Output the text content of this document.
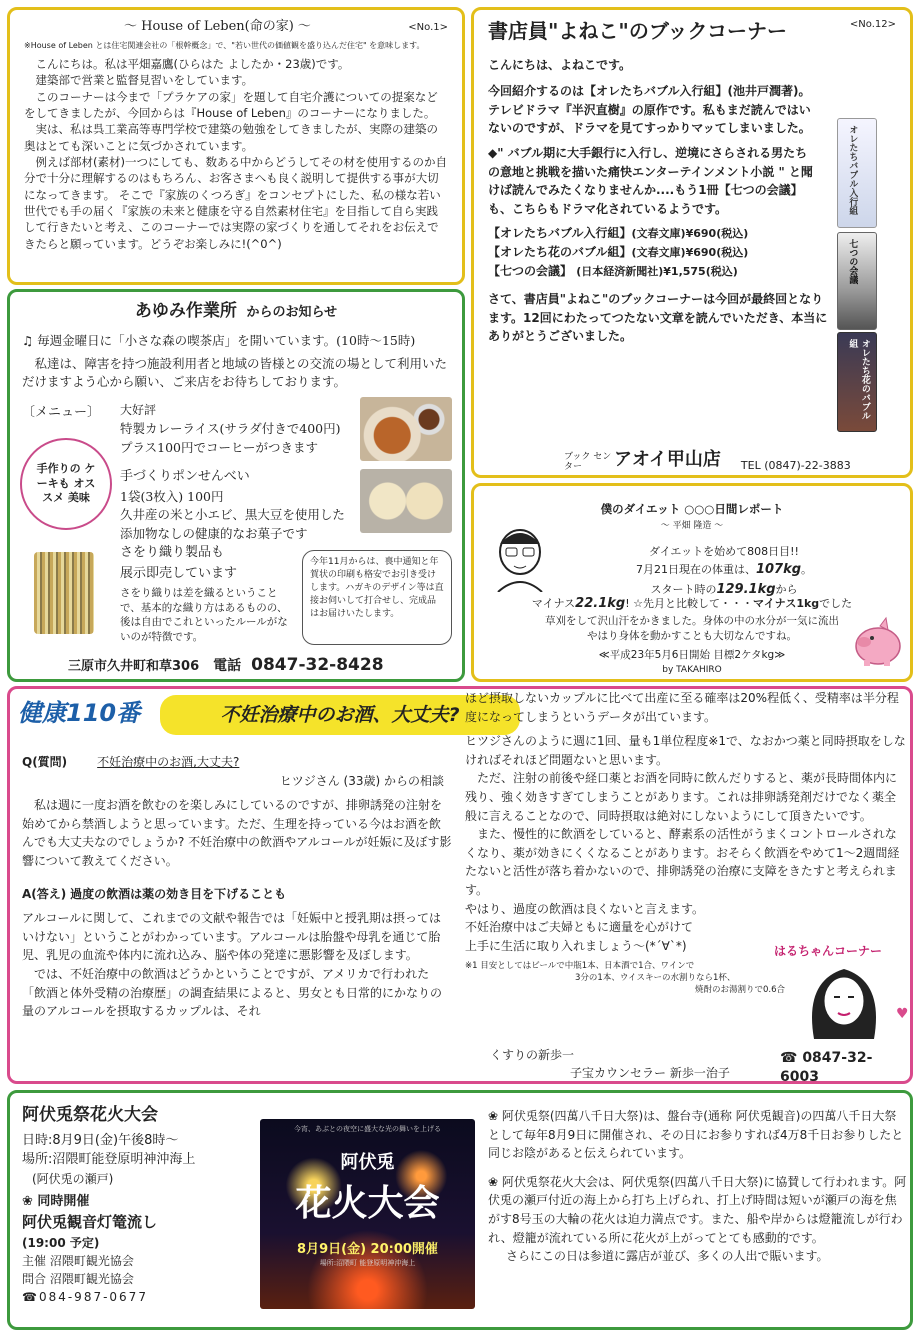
〜 House of Leben(命の家) 〜	<No.1>
※House of Leben とは住宅関連会社の「根幹概念」で、"若い世代の価値観を盛り込んだ住宅" を意味します。

こんにちは。私は平畑嘉鷹(ひらはた よしたか・23歳)です。

建築部で営業と監督見習いをしています。

このコーナーは今まで「プラケアの家」を題して自宅介護についての提案などをしてきましたが、今回からは『House of Leben』のコーナーになりました。

実は、私は呉工業高等専門学校で建築の勉強をしてきましたが、実際の建築の奥はとても深いことに気づかされています。

例えば部材(素材)一つにしても、数ある中からどうしてその材を使用するのか自分で十分に理解するのはもちろん、お客さまへも良く説明して提供する事が大切になってきます。 そこで『家族のくつろぎ』をコンセプトにした、私の様な若い世代でも手の届く『家族の未来と健康を守る自然素材住宅』を目指して自ら実践して行きたいと考え、このコーナーでは実際の家づくりを通してそれをお伝えできたらと願っています。どうぞお楽しみに!(^0^)

書店員"よねこ"のブックコーナー	<No.12>

こんにちは、よねこです。

今回紹介するのは【オレたちバブル入行組】(池井戸潤著)。テレビドラマ『半沢直樹』の原作です。私もまだ読んではいないのですが、ドラマを見てすっかりマッてしまいました。

◆" バブル期に大手銀行に入行し、逆境にさらされる男たちの意地と挑戦を描いた痛快エンターテインメント小説 " と聞けば読んでみたくなりませんか....もう1冊【七つの会議】も、こちらもドラマ化されているようです。

【オレたちバブル入行組】(文春文庫)¥690(税込)
【オレたち花のバブル組】(文春文庫)¥690(税込)
【七つの会議】 (日本経済新聞社)¥1,575(税込)

さて、書店員"よねこ"のブックコーナーは今回が最終回となります。12回にわたってつたない文章を読んでいただき、本当にありがとうございました。

ブック センター	アオイ甲山店 TEL (0847)-22-3883
オレたちバブル入行組
七つの会議
オレたち花のバブル組
あゆみ作業所 からのお知らせ
♫ 毎週金曜日に「小さな森の喫茶店」を開いています。(10時〜15時)
私達は、障害を持つ施設利用者と地域の皆様との交流の場として利用いただけますよう心から願い、ご来店をお待ちしております。
〔メニュー〕 大好評
特製カレーライス(サラダ付きで400円)
プラス100円でコーヒーがつきます
手作りの ケーキも オススメ 美味
手づくりポンせんべい
1袋(3枚入) 100円
久井産の米と小エビ、黒大豆を使用した
添加物なしの健康的なお菓子です
さをり織り製品も
展示即売しています
さをり織りは差を織るということで、基本的な織り方はあるものの、後は自由でこれといったルールがないのが特徴です。
今年11月からは、喪中通知と年賀状の印刷も格安でお引き受けします。ハガキのデザイン等は直接お伺いして打合せし、完成品はお届けいたします。
三原市久井町和草306 電話 0847-32-8428
僕のダイエット ○○○日間レポート
〜 平畑 隆造 〜
ダイエットを始めて808日目!!
7月21日現在の体重は、107kg。
スタート時の129.1kgから
マイナス22.1kg! ☆先月と比較して・・・マイナス1kgでした
草刈をして沢山汗をかきました。身体の中の水分が一気に流出
やはり身体を動かすことも大切なんですね。
≪平成23年5月6日開始 目標2ケタkg≫
by TAKAHIRO
健康110番	不妊治療中のお酒、大丈夫?
Q(質問)	不妊治療中のお酒,大丈夫?
ヒツジさん (33歳) からの相談

私は週に一度お酒を飲むのを楽しみにしているのですが、排卵誘発の注射を始めてから禁酒しようと思っています。ただ、生理を持っている今はお酒を飲んでも大丈夫なのでしょうか? 不妊治療中の飲酒やアルコールが妊娠に及ぼす影響について教えてください。

A(答え) 過度の飲酒は薬の効き目を下げることも

アルコールに関して、これまでの文献や報告では「妊娠中と授乳期は摂ってはいけない」ということがわかっています。アルコールは胎盤や母乳を通じて胎児、乳児の血流や体内に流れ込み、脳や体の発達に悪影響を及ぼします。

では、不妊治療中の飲酒はどうかということですが、アメリカで行われた「飲酒と体外受精の治療歴」の調査結果によると、男女とも日常的にかなりの量のアルコールを摂取するカップルは、それ

ほど摂取しないカップルに比べて出産に至る確率は20%程低く、受精率は半分程度になってしまうというデータが出ています。

ヒツジさんのように週に1回、量も1単位程度※1で、なおかつ薬と同時摂取をしなければそれほど問題ないと思います。

ただ、注射の前後や経口薬とお酒を同時に飲んだりすると、薬が長時間体内に残り、強く効きすぎてしまうことがあります。これは排卵誘発剤だけでなく薬全般に言えることなので、同時摂取は絶対にしないようにして頂きたいです。

また、慢性的に飲酒をしていると、酵素系の活性がうまくコントロールされなくなり、薬が効きにくくなることがあります。おそらく飲酒をやめて1〜2週間経たないと活性が落ち着かないので、排卵誘発の治療に支障をきたすと考えられます。

やはり、過度の飲酒は良くないと言えます。

不妊治療中はご夫婦ともに適量を心がけて

上手に生活に取り入れましょう〜(*´∀`*)

※1 目安としてはビールで中瓶1本、日本酒で1合、ワインで
3分の1本、ウイスキーの水割りなら1杯、
焼酎のお湯割りで0.6合
はるちゃんコーナー
♥
くすりの新歩一
子宝カウンセラー 新歩一治子
☎ 0847-32-6003
阿伏兎祭花火大会
日時:8月9日(金)午後8時〜
場所:沼隈町能登原明神沖海上
(阿伏兎の瀬戸)
❀ 同時開催
阿伏兎観音灯篭流し
(19:00 予定)
主催 沼隈町観光協会
問合 沼隈町観光協会
☎084-987-0677
今宵、あぶとの夜空に盛大な光の舞いを上げる
阿伏兎
花火大会
8月9日(金) 20:00開催
場所:沼隈町 能登原明神沖海上

❀ 阿伏兎祭(四萬八千日大祭)は、盤台寺(通称 阿伏兎観音)の四萬八千日大祭として毎年8月9日に開催され、その日にお参りすれば4万8千日お参りしたと同じお陰があると伝えられています。

❀ 阿伏兎祭花火大会は、阿伏兎祭(四萬八千日大祭)に協賛して行われます。阿伏兎の瀬戸付近の海上から打ち上げられ、打上げ時間は短いが瀬戸の海を焦がす8号玉の大輪の花火は迫力満点です。また、船や岸からは燈籠流しが行われ、燈籠が流れている所に花火が上がってとても感動的です。

さらにこの日は参道に露店が並び、多くの人出で賑います。
